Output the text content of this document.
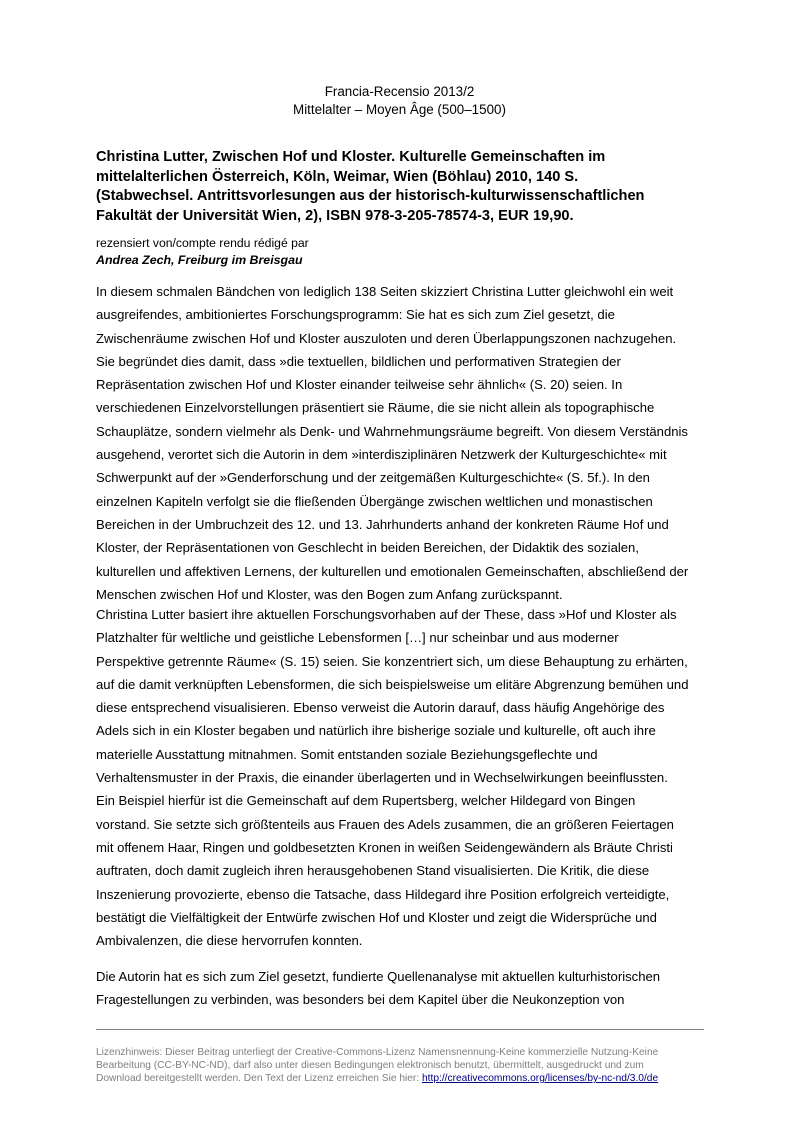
Francia-Recensio 2013/2
Mittelalter – Moyen Âge (500–1500)
Christina Lutter, Zwischen Hof und Kloster. Kulturelle Gemeinschaften im
mittelalterlichen Österreich, Köln, Weimar, Wien (Böhlau) 2010, 140 S.
(Stabwechsel. Antrittsvorlesungen aus der historisch-kulturwissenschaftlichen
Fakultät der Universität Wien, 2), ISBN 978-3-205-78574-3, EUR 19,90.
rezensiert von/compte rendu rédigé par
Andrea Zech, Freiburg im Breisgau
In diesem schmalen Bändchen von lediglich 138 Seiten skizziert Christina Lutter gleichwohl ein weit
ausgreifendes, ambitioniertes Forschungsprogramm: Sie hat es sich zum Ziel gesetzt, die
Zwischenräume zwischen Hof und Kloster auszuloten und deren Überlappungszonen nachzugehen.
Sie begründet dies damit, dass »die textuellen, bildlichen und performativen Strategien der
Repräsentation zwischen Hof und Kloster einander teilweise sehr ähnlich« (S. 20) seien. In
verschiedenen Einzelvorstellungen präsentiert sie Räume, die sie nicht allein als topographische
Schauplätze, sondern vielmehr als Denk- und Wahrnehmungsräume begreift. Von diesem Verständnis
ausgehend, verortet sich die Autorin in dem »interdisziplinären Netzwerk der Kulturgeschichte« mit
Schwerpunkt auf der »Genderforschung und der zeitgemäßen Kulturgeschichte« (S. 5f.). In den
einzelnen Kapiteln verfolgt sie die fließenden Übergänge zwischen weltlichen und monastischen
Bereichen in der Umbruchzeit des 12. und 13. Jahrhunderts anhand der konkreten Räume Hof und
Kloster, der Repräsentationen von Geschlecht in beiden Bereichen, der Didaktik des sozialen,
kulturellen und affektiven Lernens, der kulturellen und emotionalen Gemeinschaften, abschließend der
Menschen zwischen Hof und Kloster, was den Bogen zum Anfang zurückspannt.
Christina Lutter basiert ihre aktuellen Forschungsvorhaben auf der These, dass »Hof und Kloster als
Platzhalter für weltliche und geistliche Lebensformen […] nur scheinbar und aus moderner
Perspektive getrennte Räume« (S. 15) seien. Sie konzentriert sich, um diese Behauptung zu erhärten,
auf die damit verknüpften Lebensformen, die sich beispielsweise um elitäre Abgrenzung bemühen und
diese entsprechend visualisieren. Ebenso verweist die Autorin darauf, dass häufig Angehörige des
Adels sich in ein Kloster begaben und natürlich ihre bisherige soziale und kulturelle, oft auch ihre
materielle Ausstattung mitnahmen. Somit entstanden soziale Beziehungsgeflechte und
Verhaltensmuster in der Praxis, die einander überlagerten und in Wechselwirkungen beeinflussten.
Ein Beispiel hierfür ist die Gemeinschaft auf dem Rupertsberg, welcher Hildegard von Bingen
vorstand. Sie setzte sich größtenteils aus Frauen des Adels zusammen, die an größeren Feiertagen
mit offenem Haar, Ringen und goldbesetzten Kronen in weißen Seidengewändern als Bräute Christi
auftraten, doch damit zugleich ihren herausgehobenen Stand visualisierten. Die Kritik, die diese
Inszenierung provozierte, ebenso die Tatsache, dass Hildegard ihre Position erfolgreich verteidigte,
bestätigt die Vielfältigkeit der Entwürfe zwischen Hof und Kloster und zeigt die Widersprüche und
Ambivalenzen, die diese hervorrufen konnten.
Die Autorin hat es sich zum Ziel gesetzt, fundierte Quellenanalyse mit aktuellen kulturhistorischen
Fragestellungen zu verbinden, was besonders bei dem Kapitel über die Neukonzeption von
Lizenzhinweis: Dieser Beitrag unterliegt der Creative-Commons-Lizenz Namensnennung-Keine kommerzielle Nutzung-Keine
Bearbeitung (CC-BY-NC-ND), darf also unter diesen Bedingungen elektronisch benutzt, übermittelt, ausgedruckt und zum
Download bereitgestellt werden. Den Text der Lizenz erreichen Sie hier: http://creativecommons.org/licenses/by-nc-nd/3.0/de
